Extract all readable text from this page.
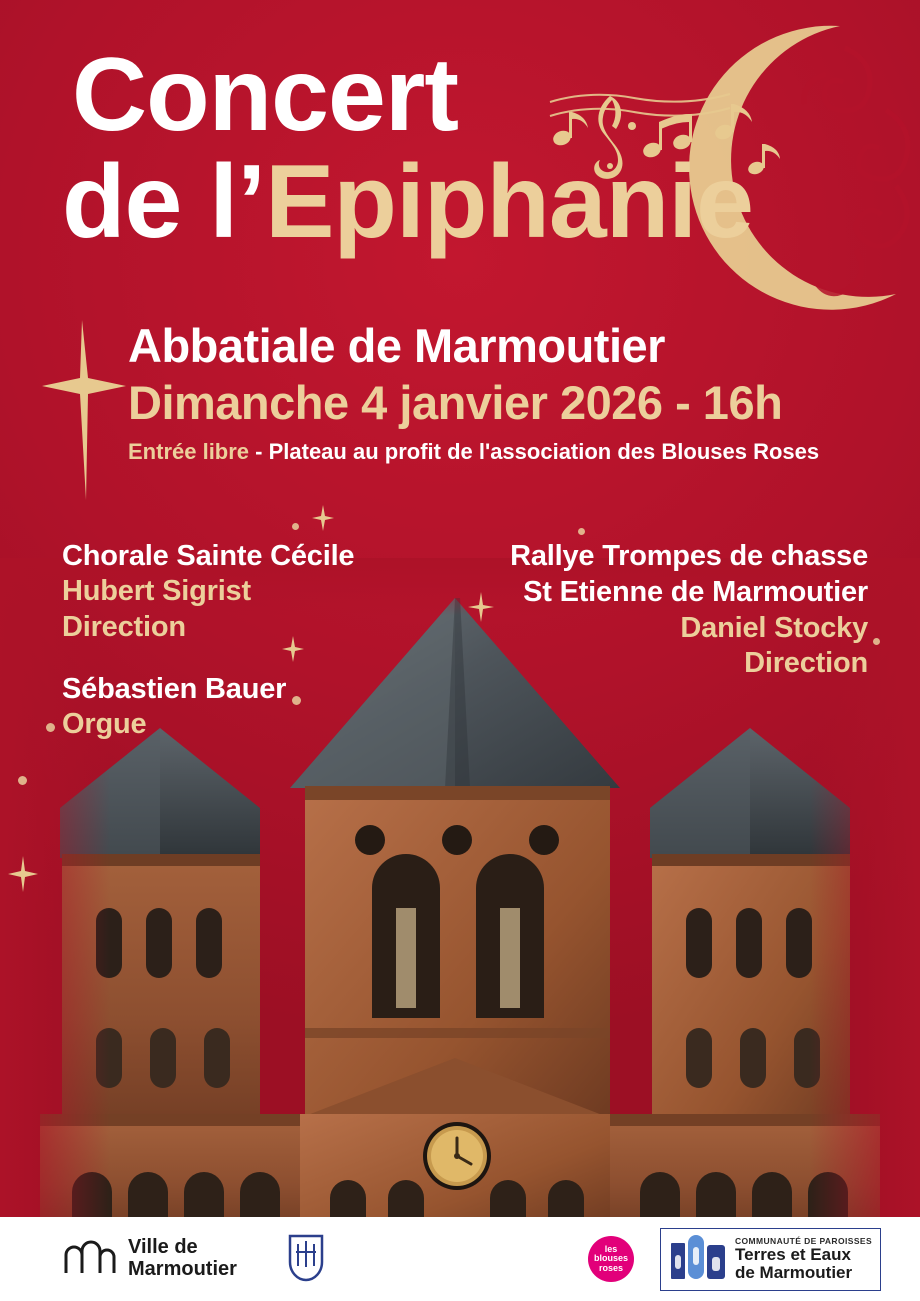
Concert
de l’Epiphanie
Abbatiale de Marmoutier
Dimanche 4 janvier 2026 - 16h
Entrée libre - Plateau au profit de l'association des Blouses Roses
Chorale Sainte Cécile
Hubert Sigrist
Direction
Sébastien Bauer
Orgue
Rallye Trompes de chasse St Etienne de Marmoutier
Daniel Stocky
Direction
Ville de
Marmoutier
les
blouses
roses
COMMUNAUTÉ DE PAROISSES
Terres et Eaux
de Marmoutier
